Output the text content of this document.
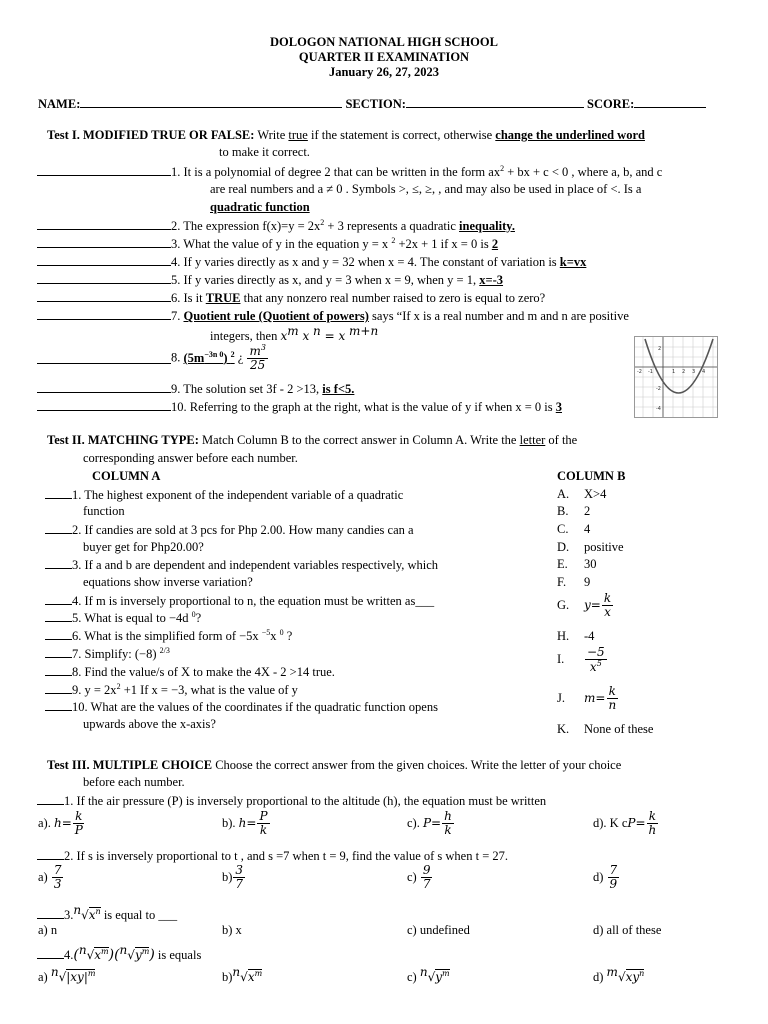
DOLOGON NATIONAL HIGH SCHOOL
QUARTER II EXAMINATION
January 26, 27, 2023
NAME:	SECTION:	SCORE:
Test I. MODIFIED TRUE OR FALSE: Write true if the statement is correct, otherwise change the underlined word
to make it correct.
1. It is a polynomial of degree 2 that can be written in the form $ax^2$ + bx + c < 0 , where a, b, and c
are real numbers and a ≠ 0 . Symbols >, ≤, ≥, , and may also be used in place of <. Is a
quadratic function
2. The expression $f(x)=y = 2x^2 + 3$ represents a quadratic inequality.
3. What the value of y in the equation y = x $^2$ +2x + 1 if x = 0 is 2
4. If y varies directly as x and y = 32 when x = 4. The constant of variation is k=vx
5. If y varies directly as x, and y = 3 when x = 9, when y = 1, x=-3
6. Is it TRUE that any nonzero real number raised to zero is equal to zero?
7. Quotient rule (Quotient of powers) says “If x is a real number and m and n are positive
integers, then $x^m$ x $^n$ = x $^{m+n}$
8. $(5m^{-3n 0})$ $^2$ ¿ $\frac{m^3}{25}$
9. The solution set 3f - 2 >13, is f<5.
10. Referring to the graph at the right, what is the value of y if when x = 0 is 3
-2 -1	1 2 3 4
2
-2
-4
Test II. MATCHING TYPE: Match Column B to the correct answer in Column A. Write the letter of the
corresponding answer before each number.
COLUMN A	COLUMN B
1. The highest exponent of the independent variable of a quadratic
function
2. If candies are sold at 3 pcs for Php 2.00. How many candies can a
buyer get for Php20.00?
3. If a and b are dependent and independent variables respectively, which
equations show inverse variation?
4. If m is inversely proportional to n, the equation must be written as___
5. What is equal to −4d $^0$?
6. What is the simplified form of −5x $^{-5}$x $^0$ ?
7. Simplify: (−8) $^{2/3}$
8. Find the value/s of X to make the 4X - 2 >14 true.
9. $y = 2x^2 +1$ If x = −3, what is the value of y
10. What are the values of the coordinates if the quadratic function opens
upwards above the x-axis?
A. X>4
B. 2
C. 4
D. positive
E. 30
F. 9
G. $y= \frac{k}{x}$
H. -4
I. $\frac{-5}{x^5}$
J. $m= \frac{k}{n}$
K. None of these
Test III. MULTIPLE CHOICE Choose the correct answer from the given choices. Write the letter of your choice
before each number.
1. If the air pressure (P) is inversely proportional to the altitude (h), the equation must be written
a). $h= \frac{k}{P}$	b). $h= \frac{P}{k}$	c). $P= \frac{h}{k}$	d). K $cP= \frac{k}{h}$
2. If s is inversely proportional to t , and s =7 when t = 9, find the value of s when t = 27.
$a) \frac{7}{3}$	$b) \frac{3}{7}$	$c) \frac{9}{7}$	$d) \frac{7}{9}$
$3.^n√x^n$ is equal to ___
a) n	b) x	c) undefined	d) all of these
$4.(^n√x^m)(^n√y^m)$ is equals
a) $^n√|xy|^m$	$b)^n√x^m$	c) $^n√y^m$	d) $^m√xy^n$
